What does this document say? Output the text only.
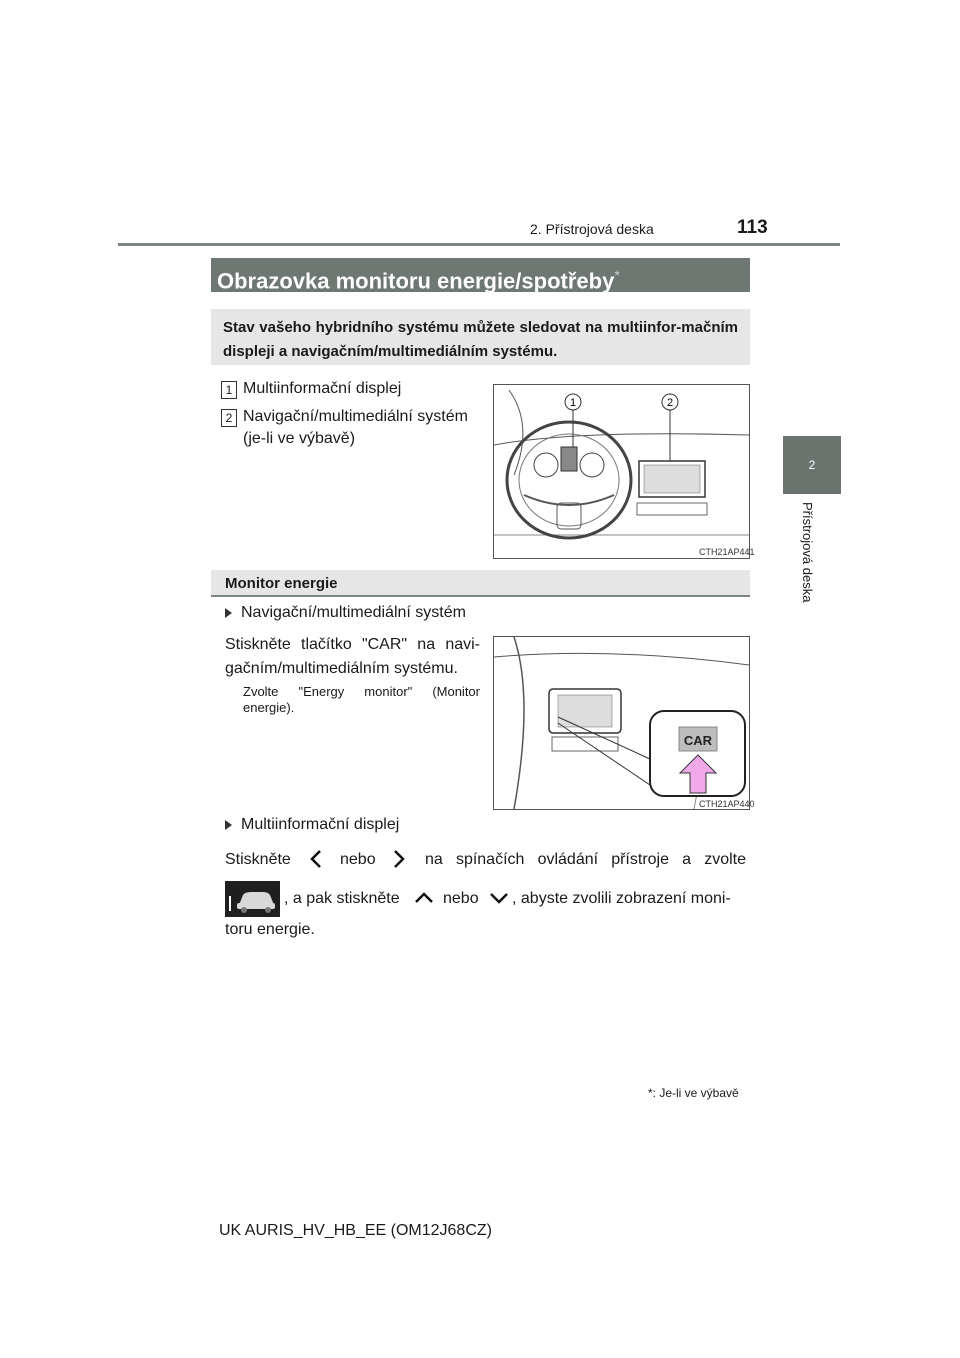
2. Přístrojová deska	113
2
Přístrojová deska
Obrazovka monitoru energie/spotřeby*
Stav vašeho hybridního systému můžete sledovat na multiinfor-mačním displeji a navigačním/multimediálním systému.
1 Multiinformační displej
2 Navigační/multimediální systém (je-li ve výbavě)
1	2
CTH21AP441
Monitor energie
Navigační/multimediální systém
Stiskněte tlačítko "CAR" na navi-gačním/multimediálním systému.
Zvolte "Energy monitor" (Monitor energie).
CAR
CTH21AP440
Multiinformační displej
Stiskněte	nebo	na spínačích ovládání přístroje a zvolte
, a pak stiskněte	nebo , abyste zvolili zobrazení moni-
toru energie.
*: Je-li ve výbavě
UK AURIS_HV_HB_EE (OM12J68CZ)
